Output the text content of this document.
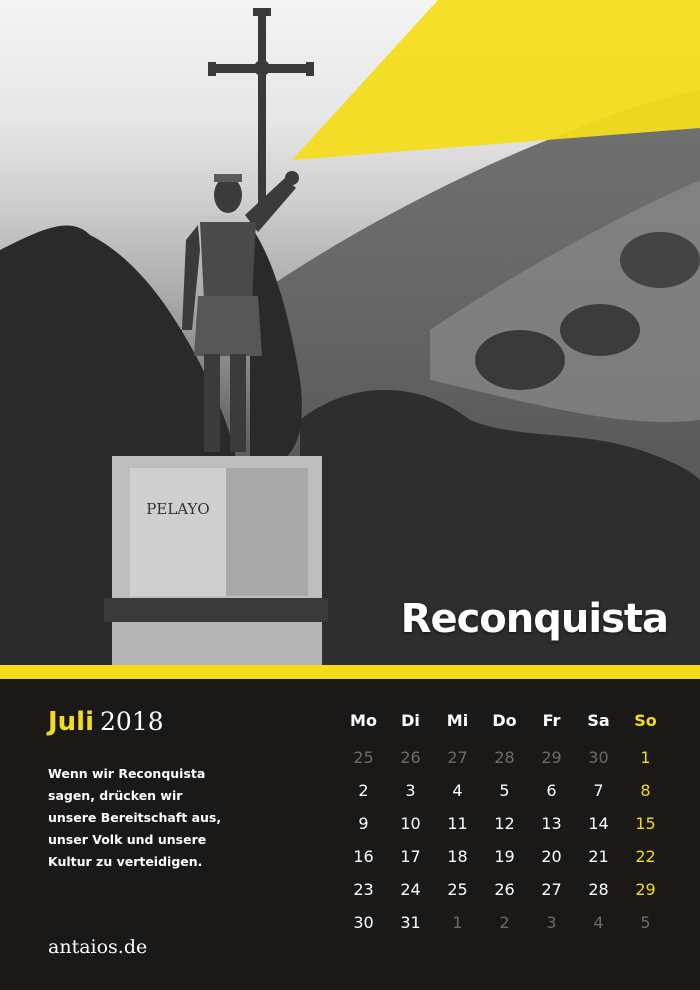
PELAYO
Reconquista
Juli 2018
Wenn wir Reconquista
sagen, drücken wir
unsere Bereitschaft aus,
unser Volk und unsere
Kultur zu verteidigen.
antaios.de
Mo	Di	Mi	Do	Fr	Sa	So
25	26	27	28	29	30	1
2	3	4	5	6	7	8
9	10	11	12	13	14	15
16	17	18	19	20	21	22
23	24	25	26	27	28	29
30	31	1	2	3	4	5
